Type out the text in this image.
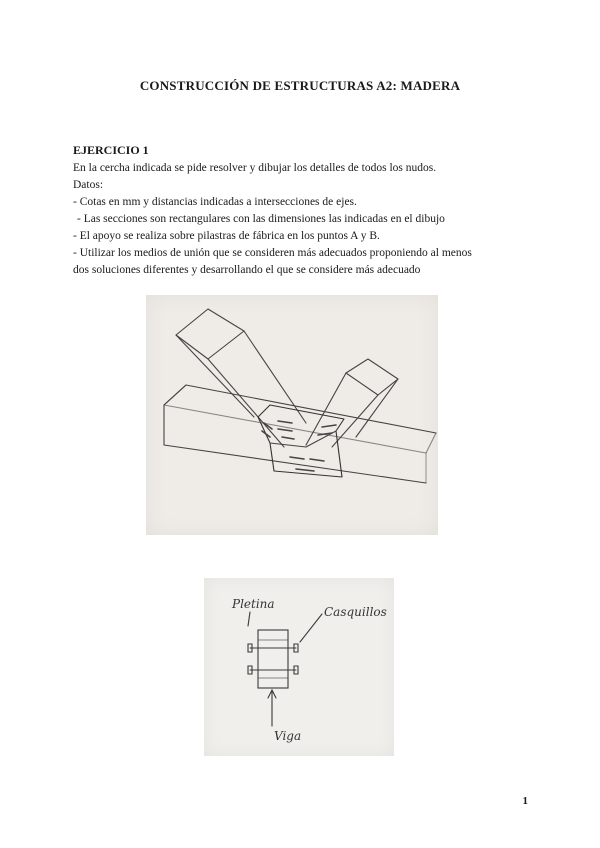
CONSTRUCCIÓN DE ESTRUCTURAS A2: MADERA
EJERCICIO 1

En la cercha indicada se pide resolver y dibujar los detalles de todos los nudos.

Datos:

- Cotas en mm y distancias indicadas a intersecciones de ejes.

- Las secciones son rectangulares con las dimensiones las indicadas en el dibujo

- El apoyo se realiza sobre pilastras de fábrica en los puntos A y B.

- Utilizar los medios de unión que se consideren más adecuados proponiendo al menos

dos soluciones diferentes y desarrollando el que se considere más adecuado

Pletina
Casquillos
Viga
1
